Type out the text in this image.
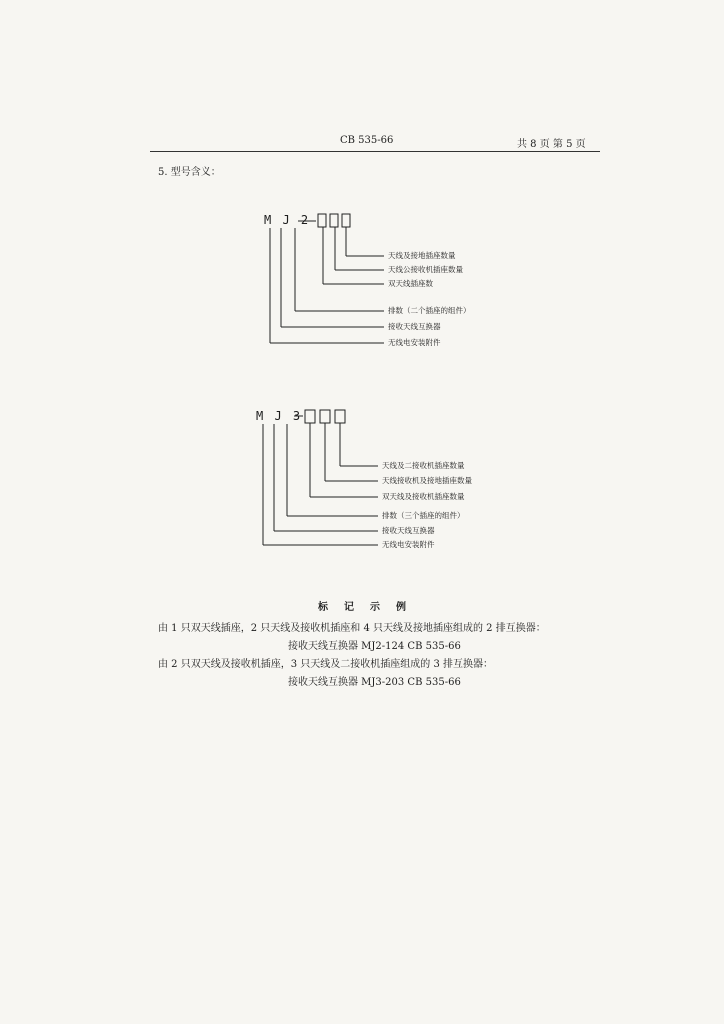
CB 535-66	共 8 页 第 5 页
5. 型号含义：
M J 2
天线及接地插座数量
天线公接收机插座数量
双天线插座数
排数（二个插座的组件）
接收天线互换器
无线电安装附件
M J 3
天线及二接收机插座数量
天线接收机及接地插座数量
双天线及接收机插座数量
排数（三个插座的组件）
接收天线互换器
无线电安装附件
标记示例
由 1 只双天线插座，2 只天线及接收机插座和 4 只天线及接地插座组成的 2 排互换器：
接收天线互换器 MJ2-124 CB 535-66
由 2 只双天线及接收机插座，3 只天线及二接收机插座组成的 3 排互换器：
接收天线互换器 MJ3-203 CB 535-66
